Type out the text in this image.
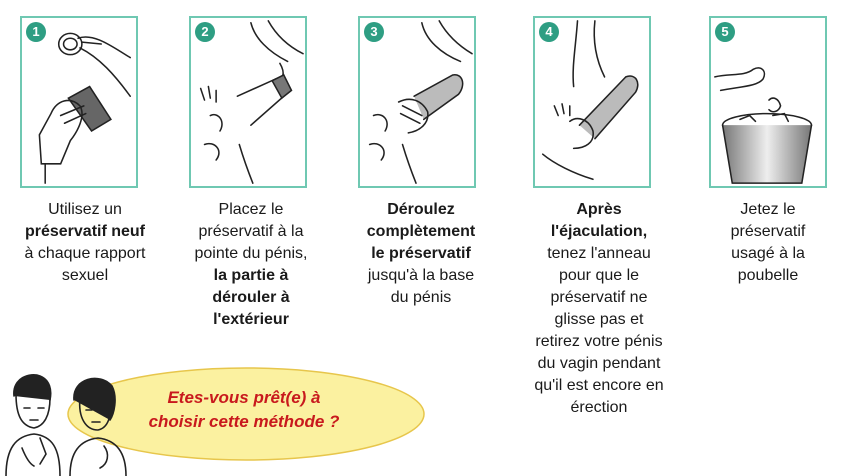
1
Utilisez un
préservatif neuf
à chaque rapport
sexuel
2
Placez le
préservatif à la
pointe du pénis,
la partie à
dérouler à
l'extérieur
3
Déroulez
complètement
le préservatif
jusqu'à la base
du pénis
4
Après
l'éjaculation,
tenez l'anneau
pour que le
préservatif ne
glisse pas et
retirez votre pénis
du vagin pendant
qu'il est encore en
érection
5
Jetez le
préservatif
usagé à la
poubelle
Etes-vous prêt(e) à
choisir cette méthode ?
